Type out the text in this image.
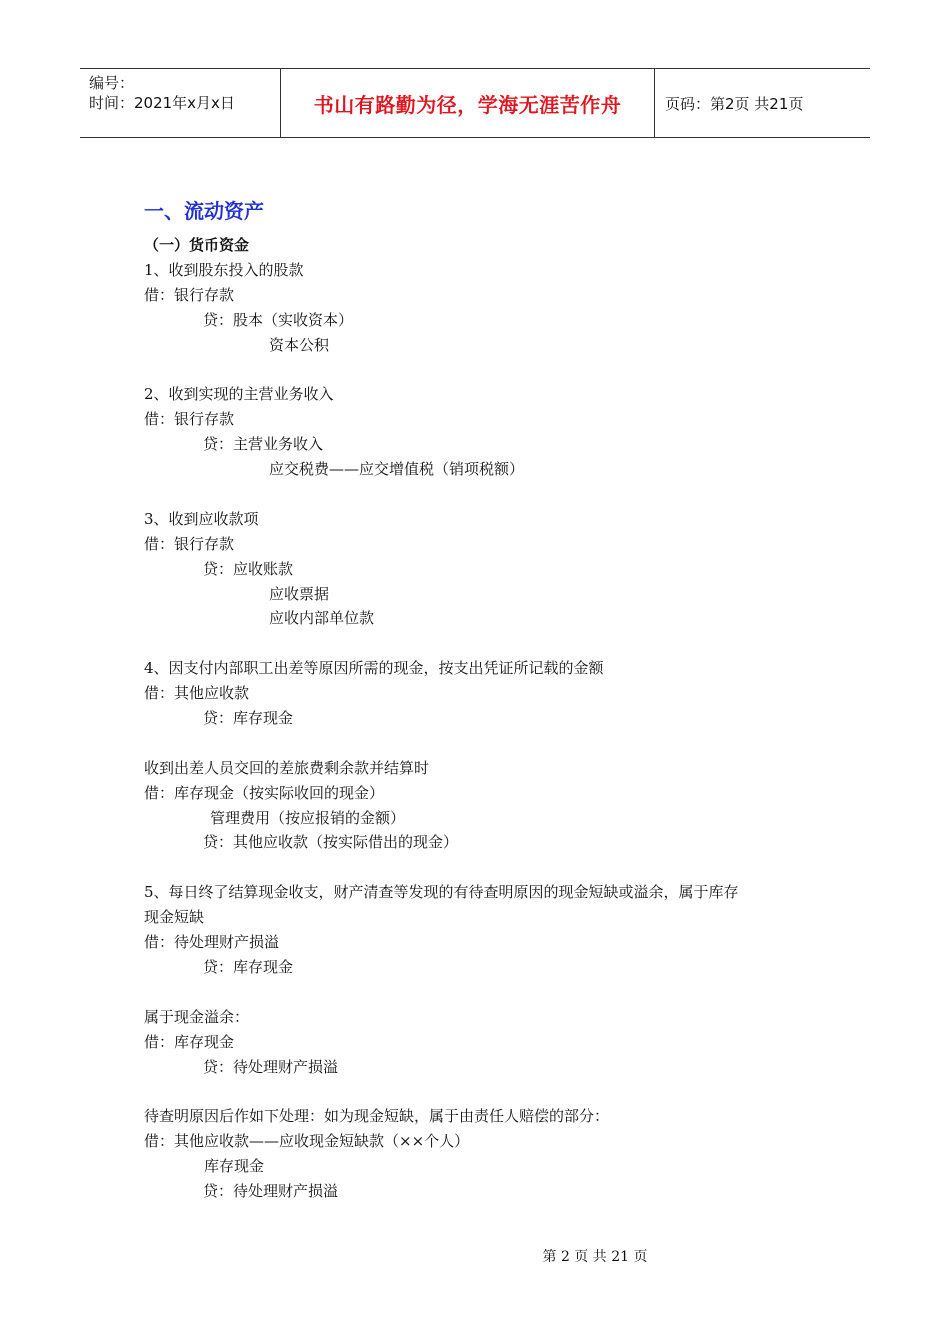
编号：
时间：2021年x月x日	书山有路勤为径，学海无涯苦作舟	页码：第2页 共21页
一、流动资产
（一）货币资金
1、收到股东投入的股款
借：银行存款
贷：股本（实收资本）
资本公积
2、收到实现的主营业务收入
借：银行存款
贷：主营业务收入
应交税费——应交增值税（销项税额）
3、收到应收款项
借：银行存款
贷：应收账款
应收票据
应收内部单位款
4、因支付内部职工出差等原因所需的现金，按支出凭证所记载的金额
借：其他应收款
贷：库存现金
收到出差人员交回的差旅费剩余款并结算时
借：库存现金（按实际收回的现金）
管理费用（按应报销的金额）
贷：其他应收款（按实际借出的现金）
5、每日终了结算现金收支，财产清查等发现的有待查明原因的现金短缺或溢余，属于库存
现金短缺
借：待处理财产损溢
贷：库存现金
属于现金溢余：
借：库存现金
贷：待处理财产损溢
待查明原因后作如下处理：如为现金短缺，属于由责任人赔偿的部分：
借：其他应收款——应收现金短缺款（××个人）
库存现金
贷：待处理财产损溢
第 2 页 共 21 页
